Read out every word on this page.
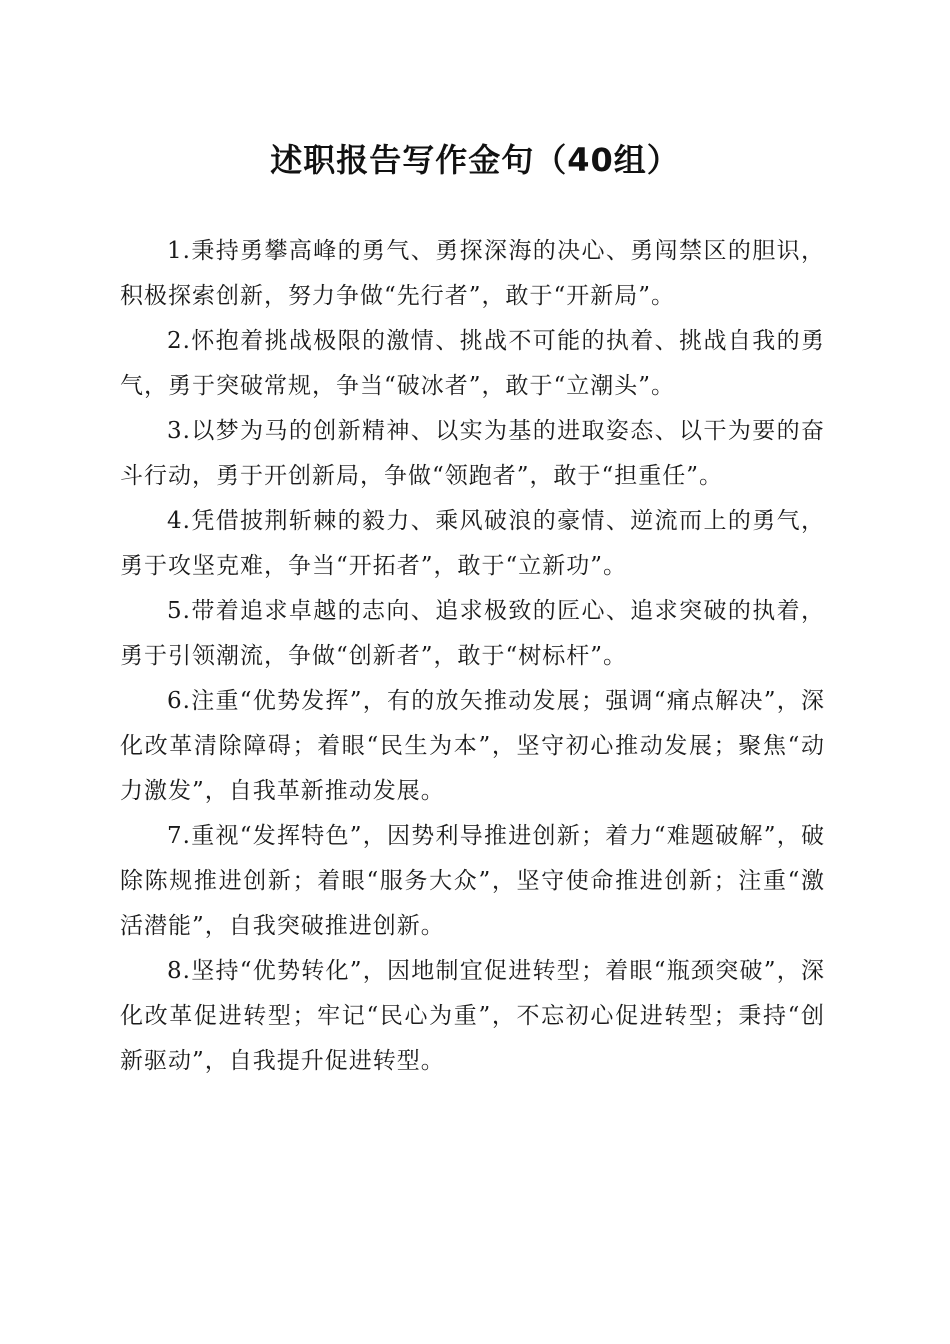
述职报告写作金句（40组）

1.秉持勇攀高峰的勇气、勇探深海的决心、勇闯禁区的胆识，积极探索创新，努力争做“先行者”，敢于“开新局”。

2.怀抱着挑战极限的激情、挑战不可能的执着、挑战自我的勇气，勇于突破常规，争当“破冰者”，敢于“立潮头”。

3.以梦为马的创新精神、以实为基的进取姿态、以干为要的奋斗行动，勇于开创新局，争做“领跑者”，敢于“担重任”。

4.凭借披荆斩棘的毅力、乘风破浪的豪情、逆流而上的勇气，勇于攻坚克难，争当“开拓者”，敢于“立新功”。

5.带着追求卓越的志向、追求极致的匠心、追求突破的执着，勇于引领潮流，争做“创新者”，敢于“树标杆”。

6.注重“优势发挥”，有的放矢推动发展；强调“痛点解决”，深化改革清除障碍；着眼“民生为本”，坚守初心推动发展；聚焦“动力激发”，自我革新推动发展。

7.重视“发挥特色”，因势利导推进创新；着力“难题破解”，破除陈规推进创新；着眼“服务大众”，坚守使命推进创新；注重“激活潜能”，自我突破推进创新。

8.坚持“优势转化”，因地制宜促进转型；着眼“瓶颈突破”，深化改革促进转型；牢记“民心为重”，不忘初心促进转型；秉持“创新驱动”，自我提升促进转型。
